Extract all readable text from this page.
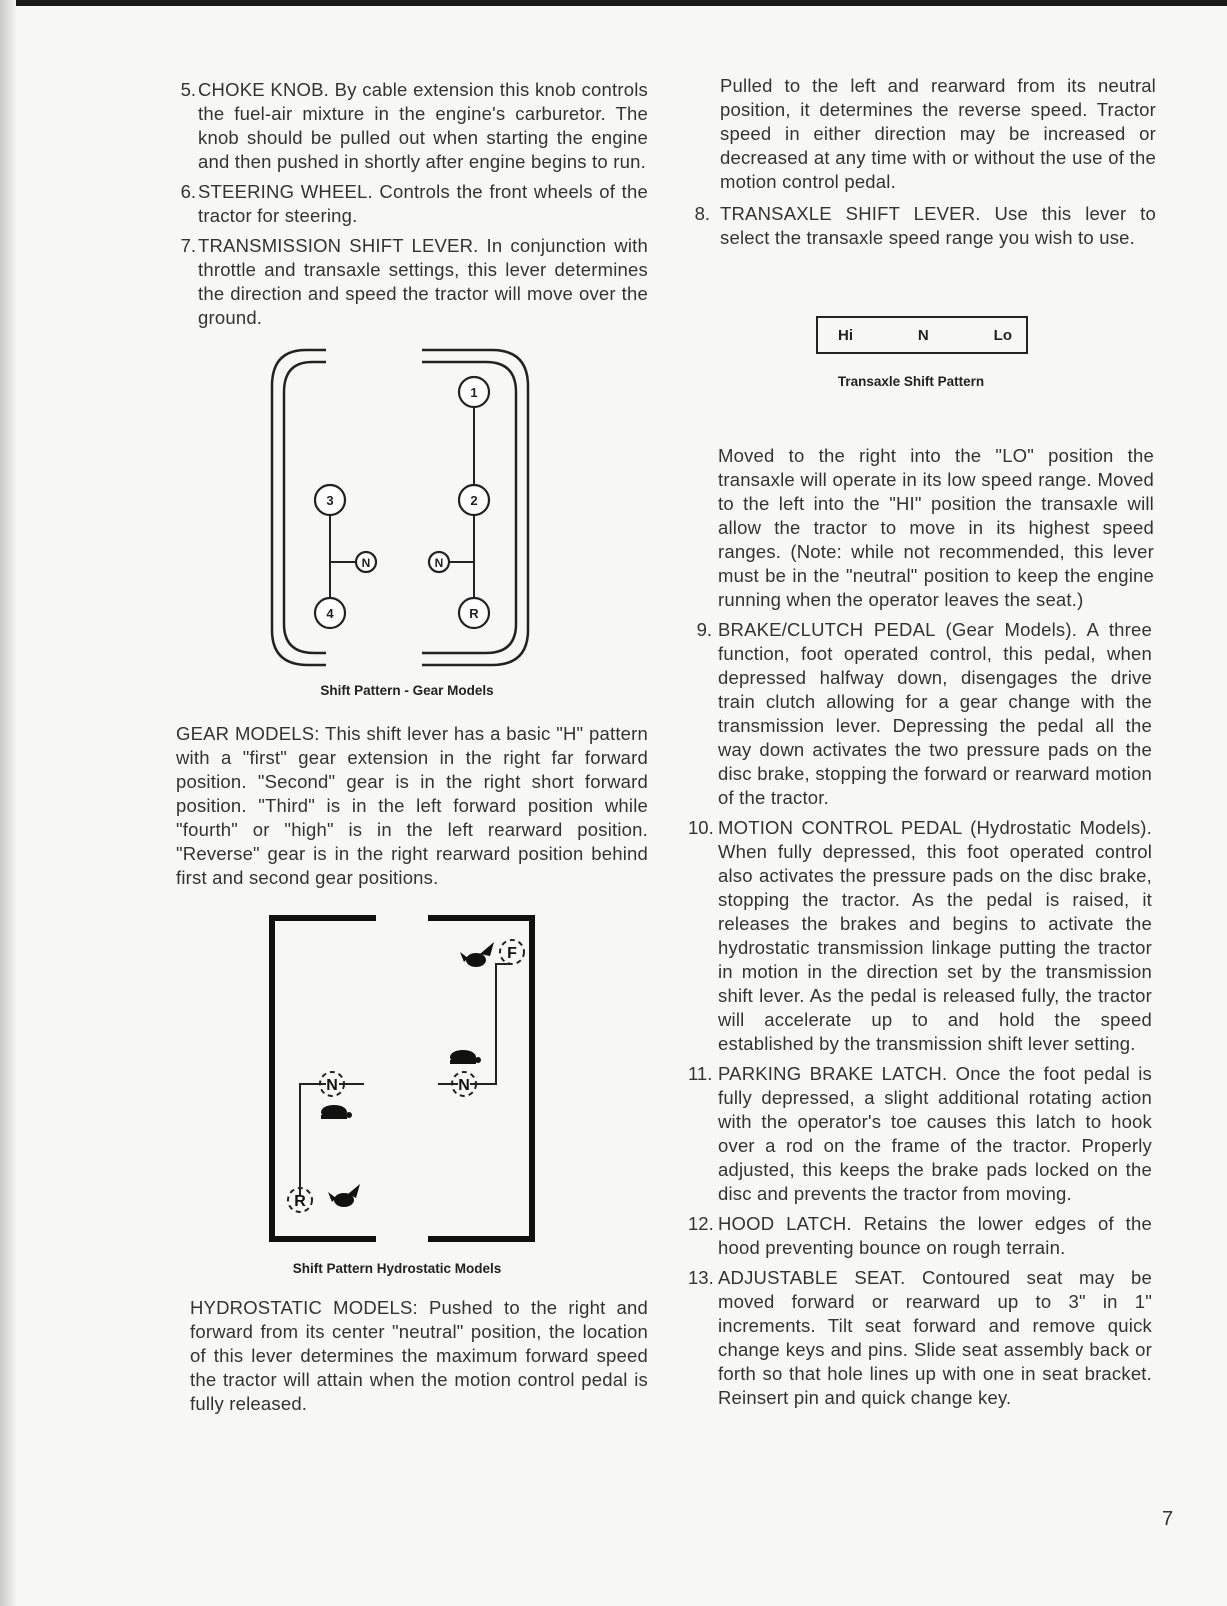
5. CHOKE KNOB. By cable extension this knob controls the fuel-air mixture in the engine's carburetor. The knob should be pulled out when starting the engine and then pushed in shortly after engine begins to run.
6. STEERING WHEEL. Controls the front wheels of the tractor for steering.
7. TRANSMISSION SHIFT LEVER. In conjunction with throttle and transaxle settings, this lever determines the direction and speed the tractor will move over the ground.
1
2
3
4	R
N	N
Shift Pattern - Gear Models

GEAR MODELS: This shift lever has a basic "H" pattern with a "first" gear extension in the right far forward position. "Second" gear is in the right short forward position. "Third" is in the left forward position while "fourth" or "high" is in the left rearward position. "Reverse" gear is in the right rearward position behind first and second gear positions.

F
N	N
R
Shift Pattern Hydrostatic Models

HYDROSTATIC MODELS: Pushed to the right and forward from its center "neutral" position, the location of this lever determines the maximum forward speed the tractor will attain when the motion control pedal is fully released.

Pulled to the left and rearward from its neutral position, it determines the reverse speed. Tractor speed in either direction may be increased or decreased at any time with or without the use of the motion control pedal.

8. TRANSAXLE SHIFT LEVER. Use this lever to select the transaxle speed range you wish to use.
Hi	N	Lo
Transaxle Shift Pattern

Moved to the right into the "LO" position the transaxle will operate in its low speed range. Moved to the left into the "HI" position the transaxle will allow the tractor to move in its highest speed ranges. (Note: while not recommended, this lever must be in the "neutral" position to keep the engine running when the operator leaves the seat.)

9. BRAKE/CLUTCH PEDAL (Gear Models). A three function, foot operated control, this pedal, when depressed halfway down, disengages the drive train clutch allowing for a gear change with the transmission lever. Depressing the pedal all the way down activates the two pressure pads on the disc brake, stopping the forward or rearward motion of the tractor.
10. MOTION CONTROL PEDAL (Hydrostatic Models). When fully depressed, this foot operated control also activates the pressure pads on the disc brake, stopping the tractor. As the pedal is raised, it releases the brakes and begins to activate the hydrostatic transmission linkage putting the tractor in motion in the direction set by the transmission shift lever. As the pedal is released fully, the tractor will accelerate up to and hold the speed established by the transmission shift lever setting.
11. PARKING BRAKE LATCH. Once the foot pedal is fully depressed, a slight additional rotating action with the operator's toe causes this latch to hook over a rod on the frame of the tractor. Properly adjusted, this keeps the brake pads locked on the disc and prevents the tractor from moving.
12. HOOD LATCH. Retains the lower edges of the hood preventing bounce on rough terrain.
13. ADJUSTABLE SEAT. Contoured seat may be moved forward or rearward up to 3" in 1" increments. Tilt seat forward and remove quick change keys and pins. Slide seat assembly back or forth so that hole lines up with one in seat bracket. Reinsert pin and quick change key.
7
